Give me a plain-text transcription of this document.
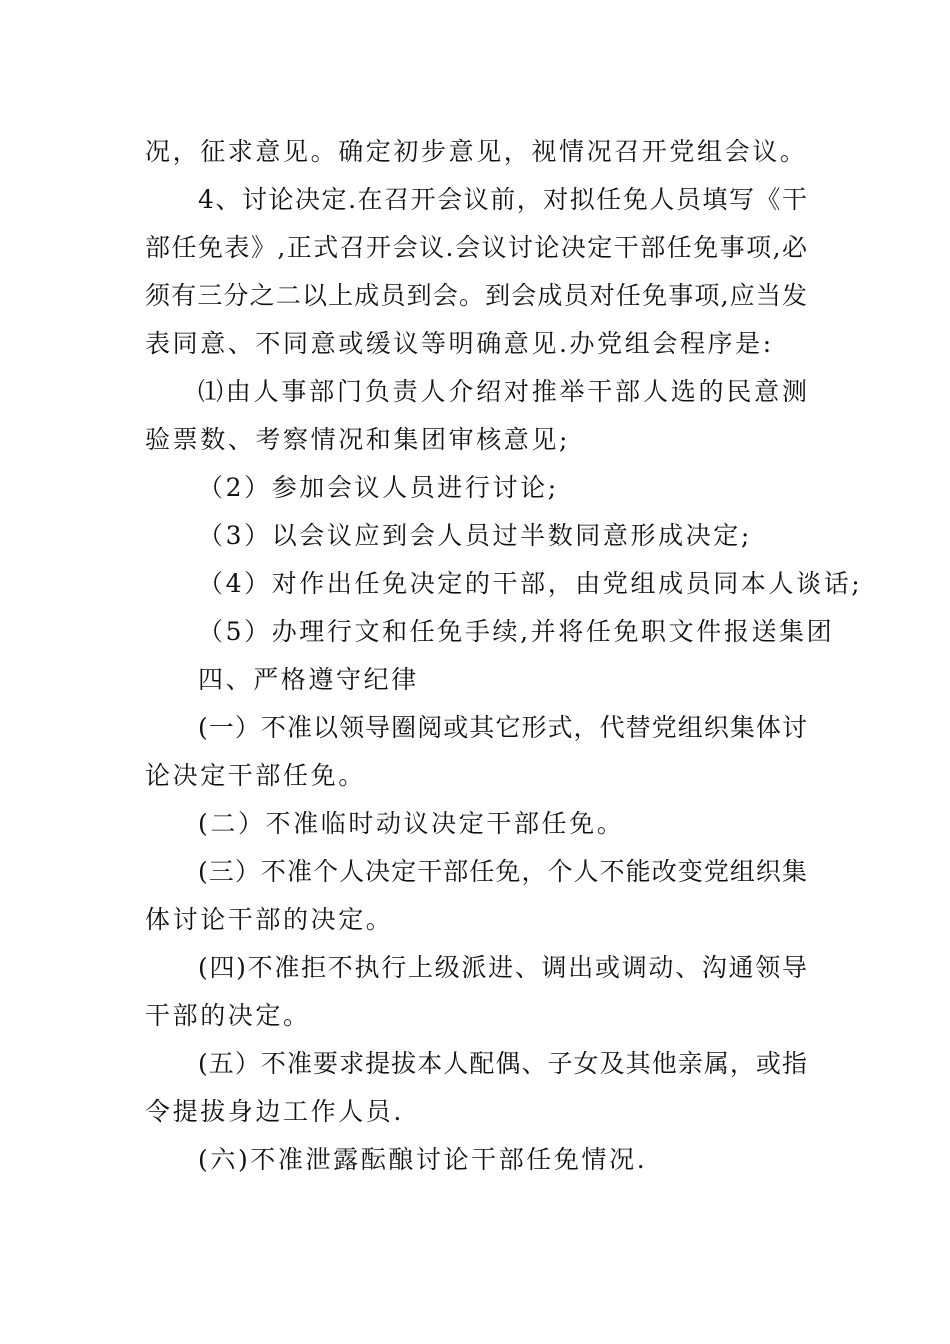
况，征求意见。确定初步意见，视情况召开党组会议。
4、讨论决定.在召开会议前，对拟任免人员填写《干
部任免表》,正式召开会议.会议讨论决定干部任免事项,必
须有三分之二以上成员到会。到会成员对任免事项,应当发
表同意、不同意或缓议等明确意见.办党组会程序是:
⑴由人事部门负责人介绍对推举干部人选的民意测
验票数、考察情况和集团审核意见;
（2）参加会议人员进行讨论;
（3）以会议应到会人员过半数同意形成决定;
（4）对作出任免决定的干部，由党组成员同本人谈话;
（5）办理行文和任免手续,并将任免职文件报送集团
四、严格遵守纪律
(一）不准以领导圈阅或其它形式，代替党组织集体讨
论决定干部任免。
(二）不准临时动议决定干部任免。
(三）不准个人决定干部任免，个人不能改变党组织集
体讨论干部的决定。
(四)不准拒不执行上级派进、调出或调动、沟通领导
干部的决定。
(五）不准要求提拔本人配偶、子女及其他亲属，或指
令提拔身边工作人员.
(六)不准泄露酝酿讨论干部任免情况.
